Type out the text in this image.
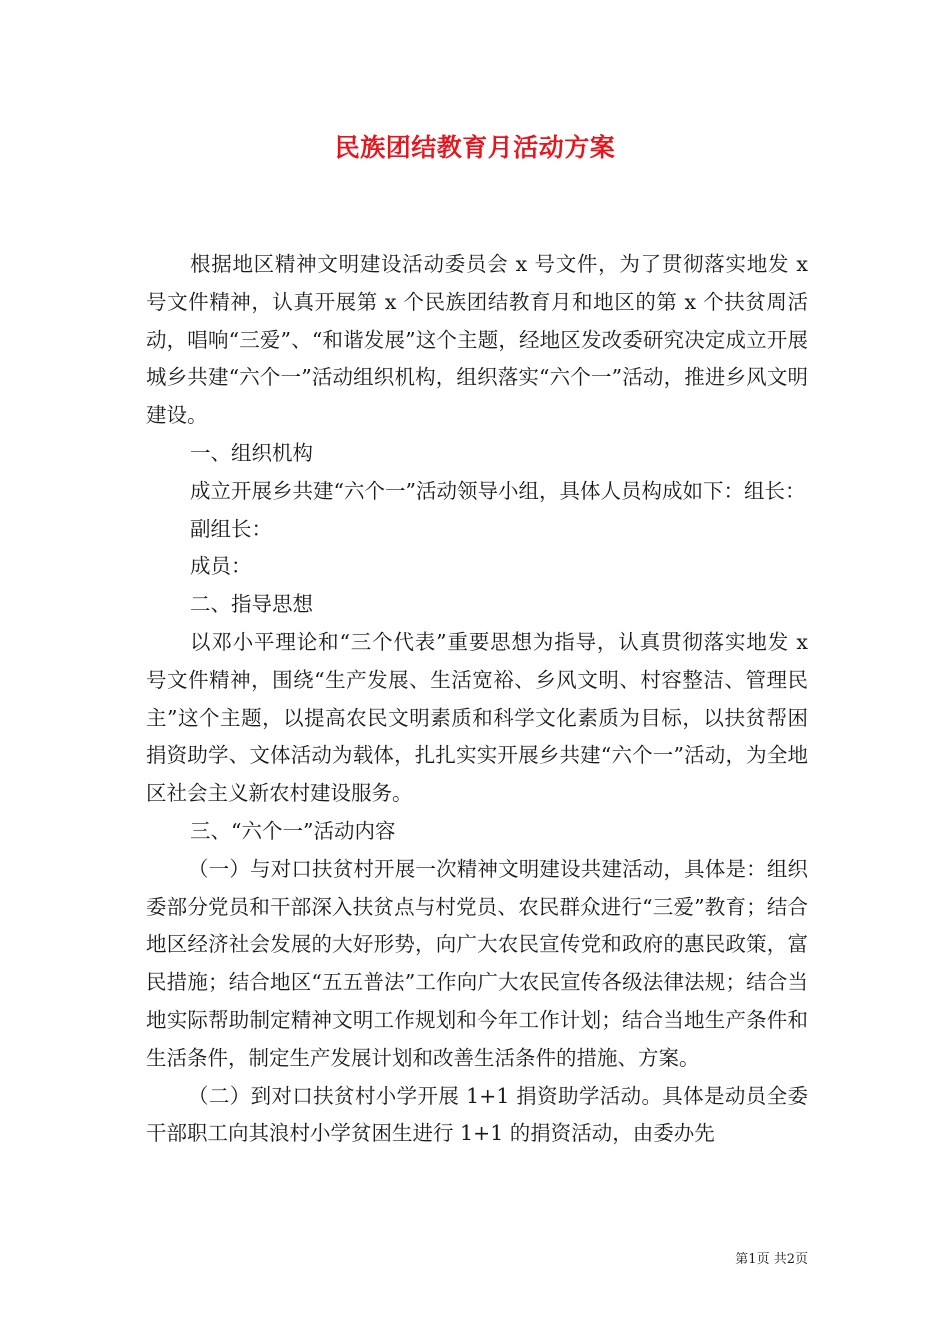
民族团结教育月活动方案

根据地区精神文明建设活动委员会 x 号文件，为了贯彻落实地发 x 号文件精神，认真开展第 x 个民族团结教育月和地区的第 x 个扶贫周活动，唱响“三爱”、“和谐发展”这个主题，经地区发改委研究决定成立开展城乡共建“六个一”活动组织机构，组织落实“六个一”活动，推进乡风文明建设。

一、组织机构

成立开展乡共建“六个一”活动领导小组，具体人员构成如下：组长：

副组长：

成员：

二、指导思想

以邓小平理论和“三个代表”重要思想为指导，认真贯彻落实地发 x 号文件精神，围绕“生产发展、生活宽裕、乡风文明、村容整洁、管理民主”这个主题，以提高农民文明素质和科学文化素质为目标，以扶贫帮困捐资助学、文体活动为载体，扎扎实实开展乡共建“六个一”活动，为全地区社会主义新农村建设服务。

三、“六个一”活动内容

（一）与对口扶贫村开展一次精神文明建设共建活动，具体是：组织委部分党员和干部深入扶贫点与村党员、农民群众进行“三爱”教育；结合地区经济社会发展的大好形势，向广大农民宣传党和政府的惠民政策，富民措施；结合地区“五五普法”工作向广大农民宣传各级法律法规；结合当地实际帮助制定精神文明工作规划和今年工作计划；结合当地生产条件和生活条件，制定生产发展计划和改善生活条件的措施、方案。

（二）到对口扶贫村小学开展 1+1 捐资助学活动。具体是动员全委干部职工向其浪村小学贫困生进行 1+1 的捐资活动，由委办先

第1页 共2页
